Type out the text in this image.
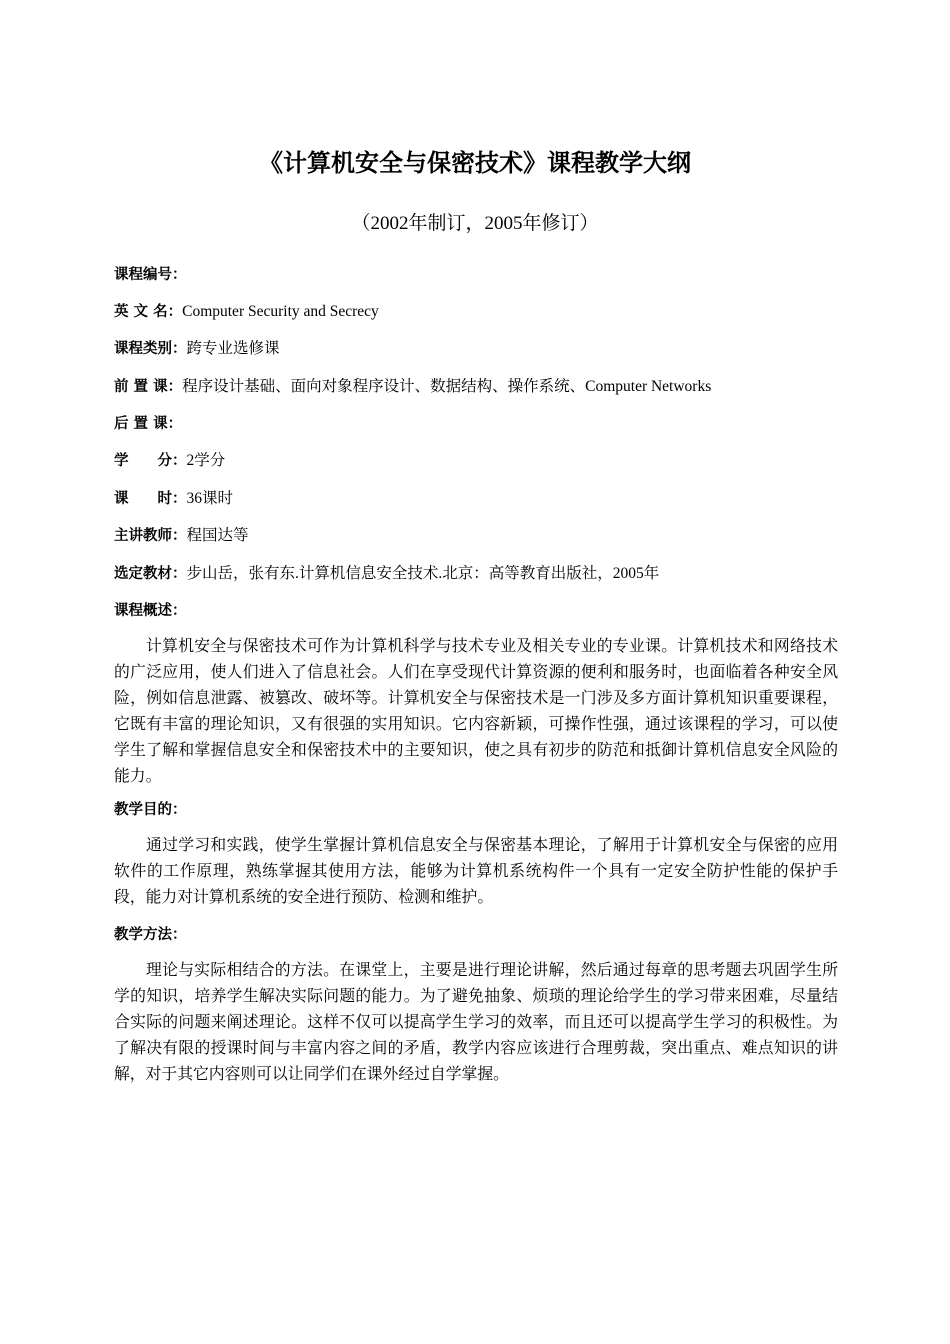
《计算机安全与保密技术》课程教学大纲
（2002年制订，2005年修订）
课程编号：
英 文 名：Computer Security and Secrecy
课程类别：跨专业选修课
前 置 课：程序设计基础、面向对象程序设计、数据结构、操作系统、Computer Networks
后 置 课：
学　　分：2学分
课　　时：36课时
主讲教师：程国达等
选定教材：步山岳，张有东.计算机信息安全技术.北京：高等教育出版社，2005年
课程概述：

计算机安全与保密技术可作为计算机科学与技术专业及相关专业的专业课。计算机技术和网络技术的广泛应用，使人们进入了信息社会。人们在享受现代计算资源的便利和服务时，也面临着各种安全风险，例如信息泄露、被篡改、破坏等。计算机安全与保密技术是一门涉及多方面计算机知识重要课程，它既有丰富的理论知识，又有很强的实用知识。它内容新颖，可操作性强，通过该课程的学习，可以使学生了解和掌握信息安全和保密技术中的主要知识，使之具有初步的防范和抵御计算机信息安全风险的能力。

教学目的：

通过学习和实践，使学生掌握计算机信息安全与保密基本理论，了解用于计算机安全与保密的应用软件的工作原理，熟练掌握其使用方法，能够为计算机系统构件一个具有一定安全防护性能的保护手段，能力对计算机系统的安全进行预防、检测和维护。

教学方法：

理论与实际相结合的方法。在课堂上，主要是进行理论讲解，然后通过每章的思考题去巩固学生所学的知识，培养学生解决实际问题的能力。为了避免抽象、烦琐的理论给学生的学习带来困难，尽量结合实际的问题来阐述理论。这样不仅可以提高学生学习的效率，而且还可以提高学生学习的积极性。为了解决有限的授课时间与丰富内容之间的矛盾，教学内容应该进行合理剪裁，突出重点、难点知识的讲解，对于其它内容则可以让同学们在课外经过自学掌握。
